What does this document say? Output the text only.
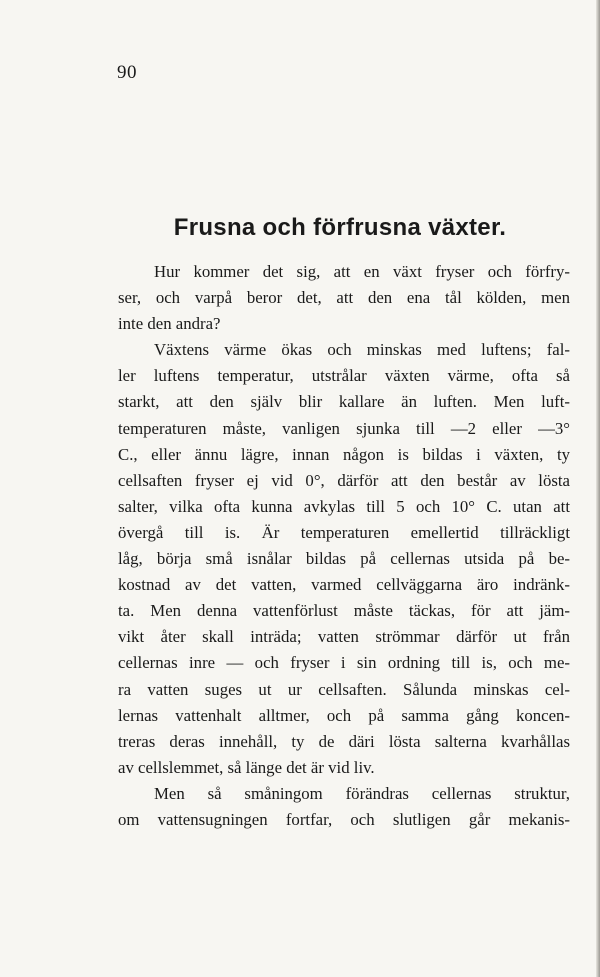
90
Frusna och förfrusna växter.
Hur kommer det sig, att en växt fryser och förfry-
ser, och varpå beror det, att den ena tål kölden, men
inte den andra?
Växtens värme ökas och minskas med luftens; fal-
ler luftens temperatur, utstrålar växten värme, ofta så
starkt, att den själv blir kallare än luften. Men luft-
temperaturen måste, vanligen sjunka till —2 eller —3°
C., eller ännu lägre, innan någon is bildas i växten, ty
cellsaften fryser ej vid 0°, därför att den består av lösta
salter, vilka ofta kunna avkylas till 5 och 10° C. utan att
övergå till is. Är temperaturen emellertid tillräckligt
låg, börja små isnålar bildas på cellernas utsida på be-
kostnad av det vatten, varmed cellväggarna äro indränk-
ta. Men denna vattenförlust måste täckas, för att jäm-
vikt åter skall inträda; vatten strömmar därför ut från
cellernas inre — och fryser i sin ordning till is, och me-
ra vatten suges ut ur cellsaften. Sålunda minskas cel-
lernas vattenhalt alltmer, och på samma gång koncen-
treras deras innehåll, ty de däri lösta salterna kvarhållas
av cellslemmet, så länge det är vid liv.
Men så småningom förändras cellernas struktur,
om vattensugningen fortfar, och slutligen går mekanis-
